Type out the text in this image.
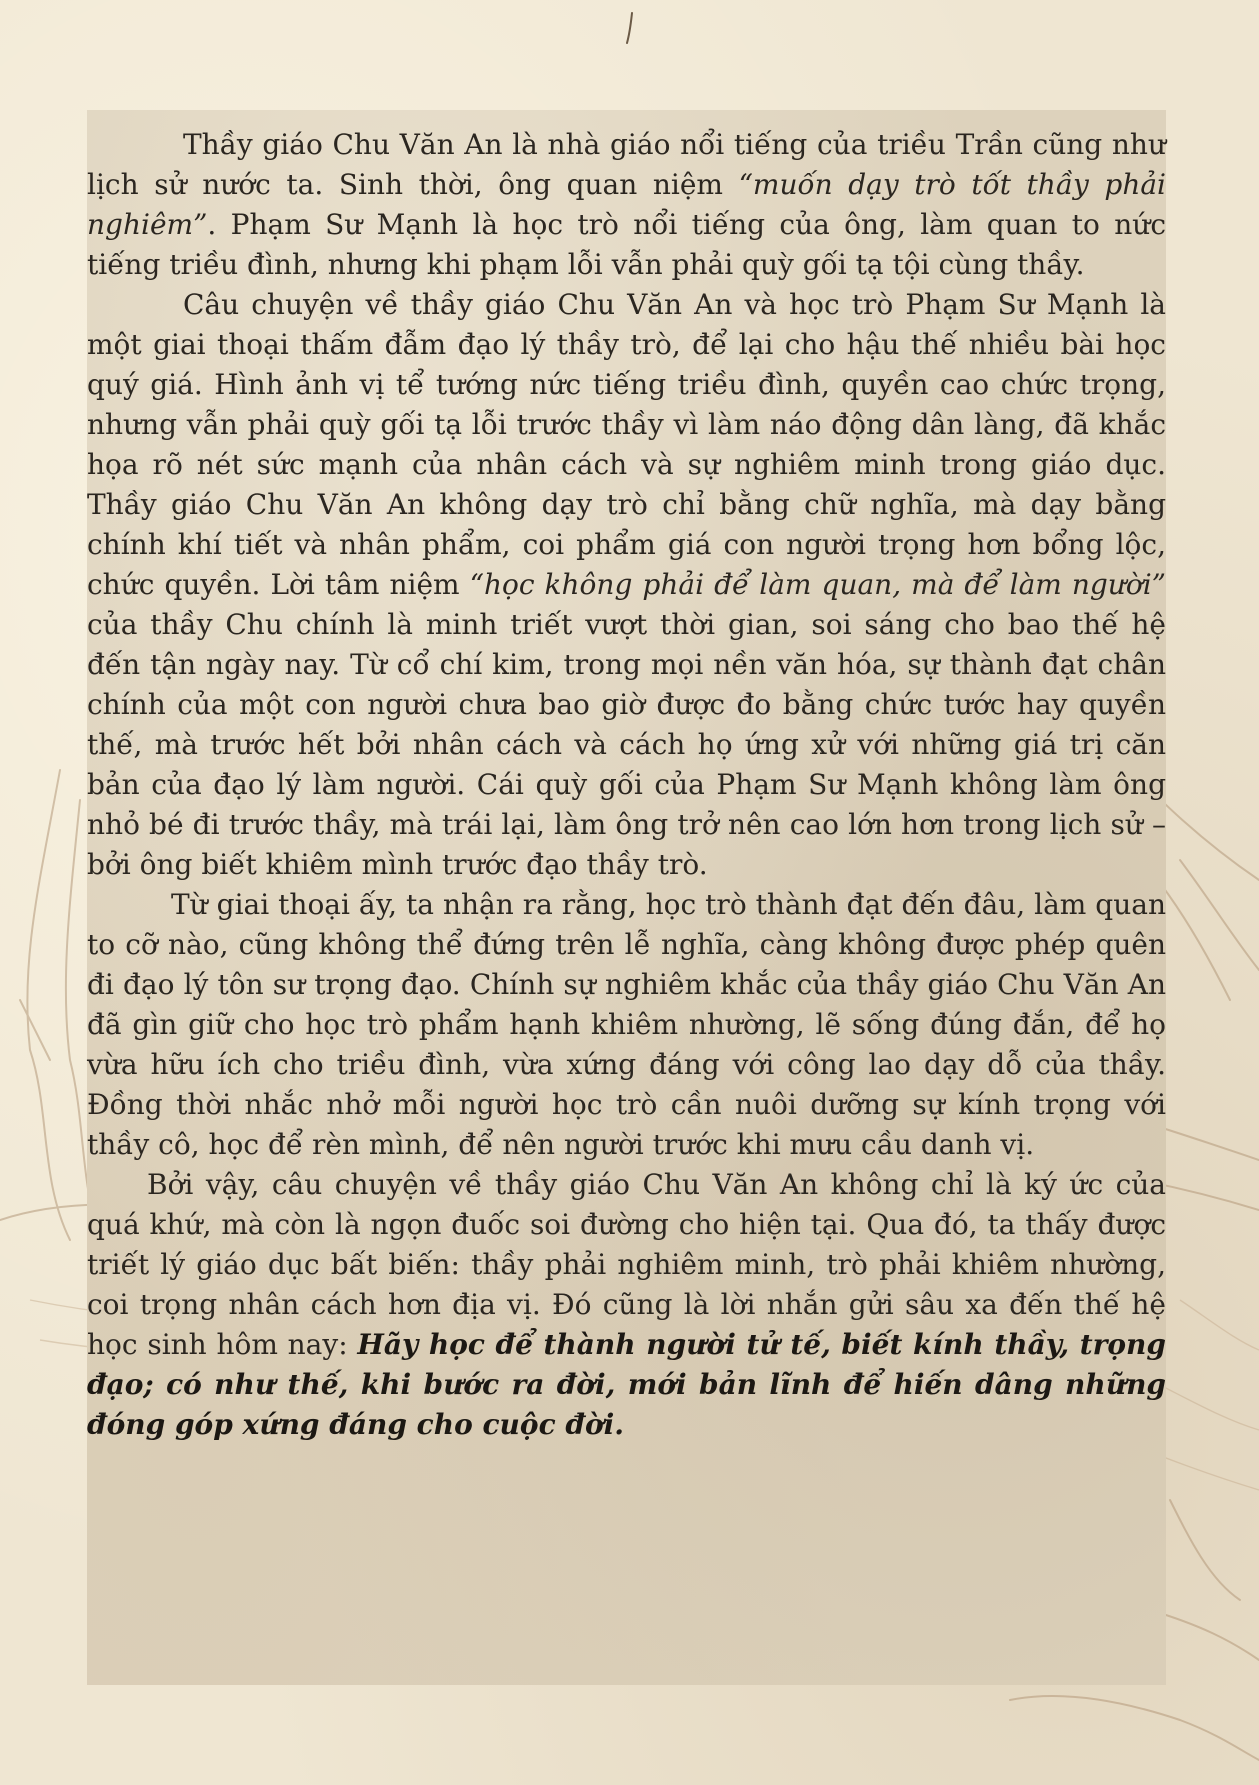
Thầy giáo Chu Văn An là nhà giáo nổi tiếng của triều Trần cũng như lịch sử nước ta. Sinh thời, ông quan niệm “muốn dạy trò tốt thầy phải nghiêm”. Phạm Sư Mạnh là học trò nổi tiếng của ông, làm quan to nức tiếng triều đình, nhưng khi phạm lỗi vẫn phải quỳ gối tạ tội cùng thầy.

Câu chuyện về thầy giáo Chu Văn An và học trò Phạm Sư Mạnh là một giai thoại thấm đẫm đạo lý thầy trò, để lại cho hậu thế nhiều bài học quý giá. Hình ảnh vị tể tướng nức tiếng triều đình, quyền cao chức trọng, nhưng vẫn phải quỳ gối tạ lỗi trước thầy vì làm náo động dân làng, đã khắc họa rõ nét sức mạnh của nhân cách và sự nghiêm minh trong giáo dục. Thầy giáo Chu Văn An không dạy trò chỉ bằng chữ nghĩa, mà dạy bằng chính khí tiết và nhân phẩm, coi phẩm giá con người trọng hơn bổng lộc, chức quyền. Lời tâm niệm “học không phải để làm quan, mà để làm người” của thầy Chu chính là minh triết vượt thời gian, soi sáng cho bao thế hệ đến tận ngày nay. Từ cổ chí kim, trong mọi nền văn hóa, sự thành đạt chân chính của một con người chưa bao giờ được đo bằng chức tước hay quyền thế, mà trước hết bởi nhân cách và cách họ ứng xử với những giá trị căn bản của đạo lý làm người. Cái quỳ gối của Phạm Sư Mạnh không làm ông nhỏ bé đi trước thầy, mà trái lại, làm ông trở nên cao lớn hơn trong lịch sử – bởi ông biết khiêm mình trước đạo thầy trò.

Từ giai thoại ấy, ta nhận ra rằng, học trò thành đạt đến đâu, làm quan to cỡ nào, cũng không thể đứng trên lễ nghĩa, càng không được phép quên đi đạo lý tôn sư trọng đạo. Chính sự nghiêm khắc của thầy giáo Chu Văn An đã gìn giữ cho học trò phẩm hạnh khiêm nhường, lẽ sống đúng đắn, để họ vừa hữu ích cho triều đình, vừa xứng đáng với công lao dạy dỗ của thầy. Đồng thời nhắc nhở mỗi người học trò cần nuôi dưỡng sự kính trọng với thầy cô, học để rèn mình, để nên người trước khi mưu cầu danh vị.

Bởi vậy, câu chuyện về thầy giáo Chu Văn An không chỉ là ký ức của quá khứ, mà còn là ngọn đuốc soi đường cho hiện tại. Qua đó, ta thấy được triết lý giáo dục bất biến: thầy phải nghiêm minh, trò phải khiêm nhường, coi trọng nhân cách hơn địa vị. Đó cũng là lời nhắn gửi sâu xa đến thế hệ học sinh hôm nay: Hãy học để thành người tử tế, biết kính thầy, trọng đạo; có như thế, khi bước ra đời, mới bản lĩnh để hiến dâng những đóng góp xứng đáng cho cuộc đời.
